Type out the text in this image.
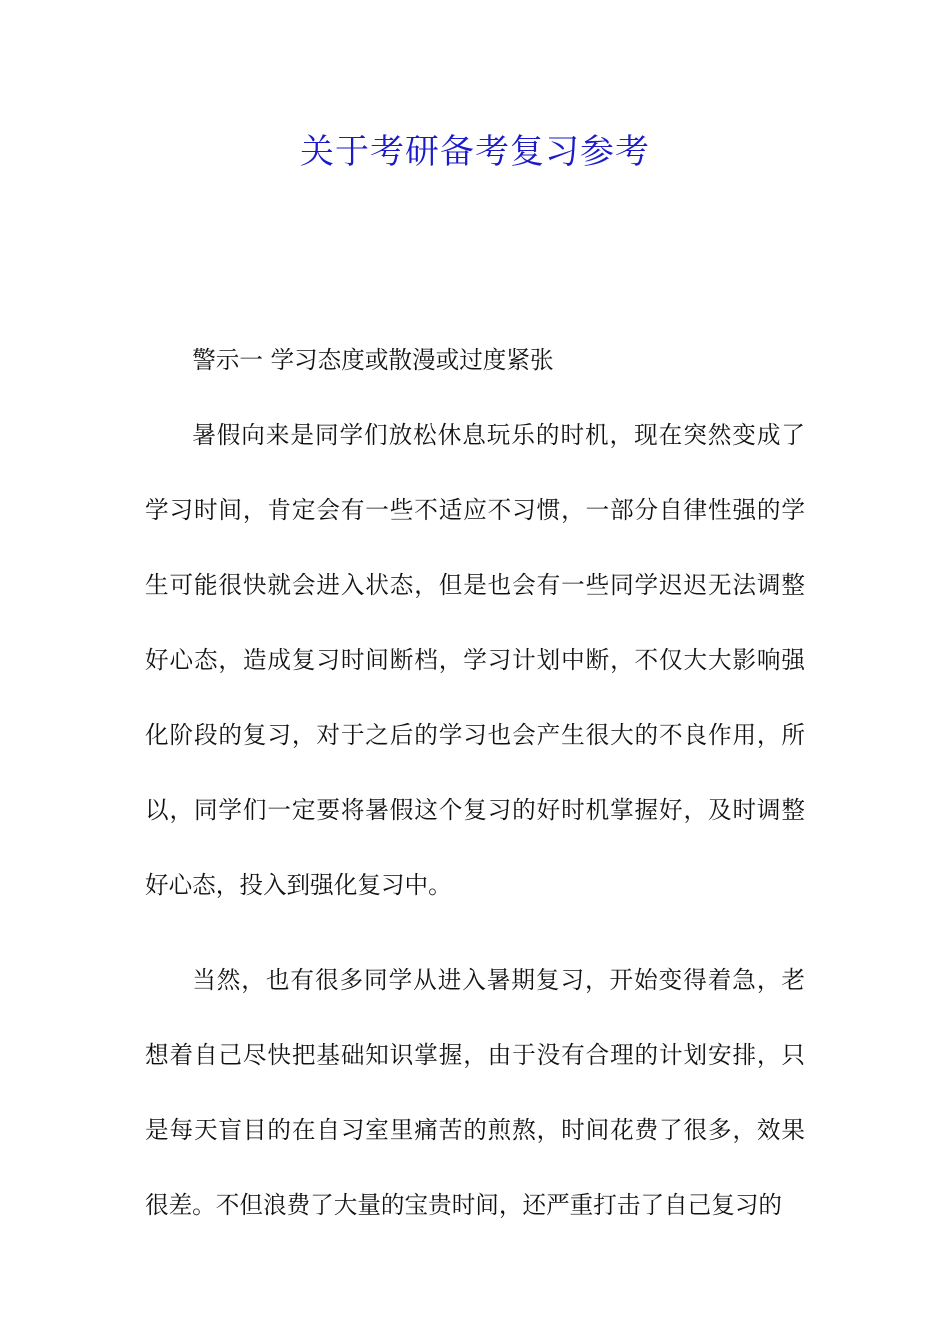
关于考研备考复习参考

警示一 学习态度或散漫或过度紧张

暑假向来是同学们放松休息玩乐的时机，现在突然变成了学习时间，肯定会有一些不适应不习惯，一部分自律性强的学生可能很快就会进入状态，但是也会有一些同学迟迟无法调整好心态，造成复习时间断档，学习计划中断，不仅大大影响强化阶段的复习，对于之后的学习也会产生很大的不良作用，所以，同学们一定要将暑假这个复习的好时机掌握好，及时调整好心态，投入到强化复习中。

当然，也有很多同学从进入暑期复习，开始变得着急，老想着自己尽快把基础知识掌握，由于没有合理的计划安排，只是每天盲目的在自习室里痛苦的煎熬，时间花费了很多，效果很差。不但浪费了大量的宝贵时间，还严重打击了自己复习的
